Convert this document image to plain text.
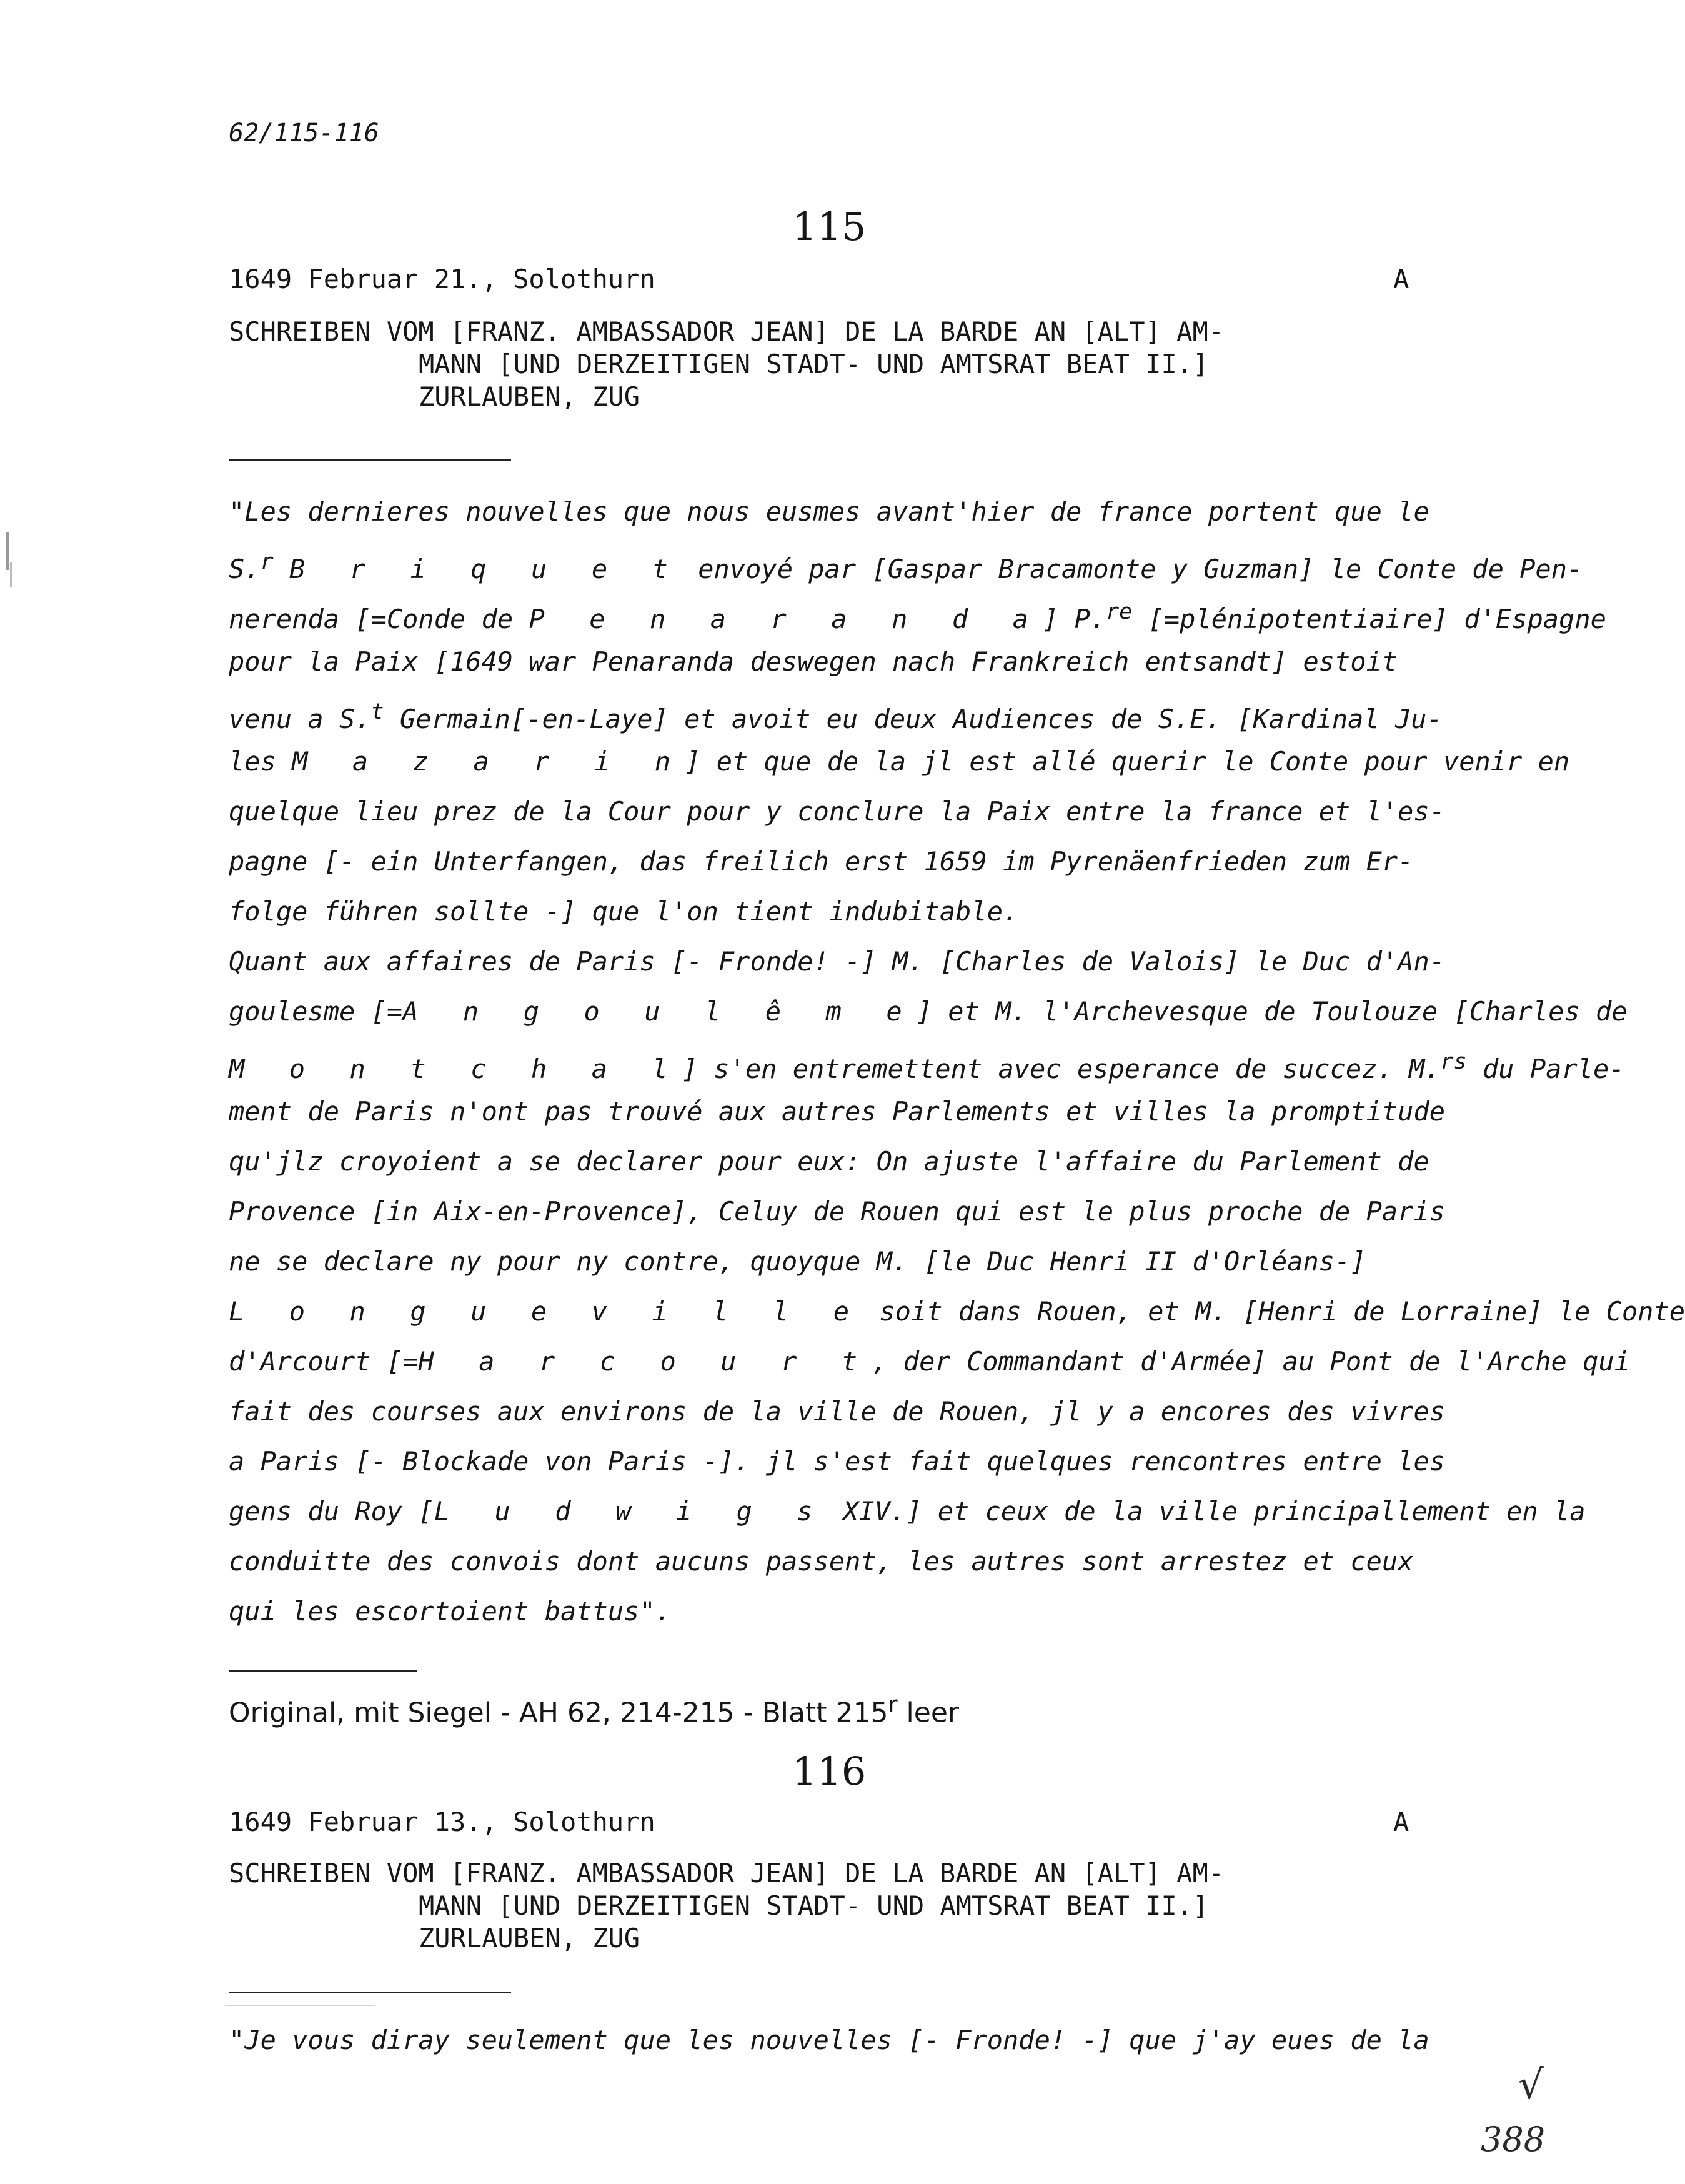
62/115-116
115
1649 Februar 21., Solothurn	A
SCHREIBEN VOM [FRANZ. AMBASSADOR JEAN] DE LA BARDE AN [ALT] AM-
MANN [UND DERZEITIGEN STADT- UND AMTSRAT BEAT II.]
ZURLAUBEN, ZUG
"Les dernieres nouvelles que nous eusmes avant'hier de france portent que le
S.$^r$ B r i q u e t envoyé par [Gaspar Bracamonte y Guzman] le Conte de Pen-
nerenda [=Conde de P e n a r a n d a] P.$^{re}$ [=plénipotentiaire] d'Espagne
pour la Paix [1649 war Penaranda deswegen nach Frankreich entsandt] estoit
venu a S.$^t$ Germain[-en-Laye] et avoit eu deux Audiences de S.E. [Kardinal Ju-
les M a z a r i n] et que de la jl est allé querir le Conte pour venir en
quelque lieu prez de la Cour pour y conclure la Paix entre la france et l'es-
pagne [- ein Unterfangen, das freilich erst 1659 im Pyrenäenfrieden zum Er-
folge führen sollte -] que l'on tient indubitable.
Quant aux affaires de Paris [- Fronde! -] M. [Charles de Valois] le Duc d'An-
goulesme [=A n g o u l ê m e] et M. l'Archevesque de Toulouze [Charles de
M o n t c h a l] s'en entremettent avec esperance de succez. M.$^{rs}$ du Parle-
ment de Paris n'ont pas trouvé aux autres Parlements et villes la promptitude
qu'jlz croyoient a se declarer pour eux: On ajuste l'affaire du Parlement de
Provence [in Aix-en-Provence], Celuy de Rouen qui est le plus proche de Paris
ne se declare ny pour ny contre, quoyque M. [le Duc Henri II d'Orléans-]
L o n g u e v i l l e soit dans Rouen, et M. [Henri de Lorraine] le Conte
d'Arcourt [=H a r c o u r t, der Commandant d'Armée] au Pont de l'Arche qui
fait des courses aux environs de la ville de Rouen, jl y a encores des vivres
a Paris [- Blockade von Paris -]. jl s'est fait quelques rencontres entre les
gens du Roy [L u d w i g s XIV.] et ceux de la ville principallement en la
conduitte des convois dont aucuns passent, les autres sont arrestez et ceux
qui les escortoient battus".
Original, mit Siegel - AH 62, 214-215 - Blatt 215$^r$ leer
116
1649 Februar 13., Solothurn	A
SCHREIBEN VOM [FRANZ. AMBASSADOR JEAN] DE LA BARDE AN [ALT] AM-
MANN [UND DERZEITIGEN STADT- UND AMTSRAT BEAT II.]
ZURLAUBEN, ZUG
"Je vous diray seulement que les nouvelles [- Fronde! -] que j'ay eues de la
√
388
